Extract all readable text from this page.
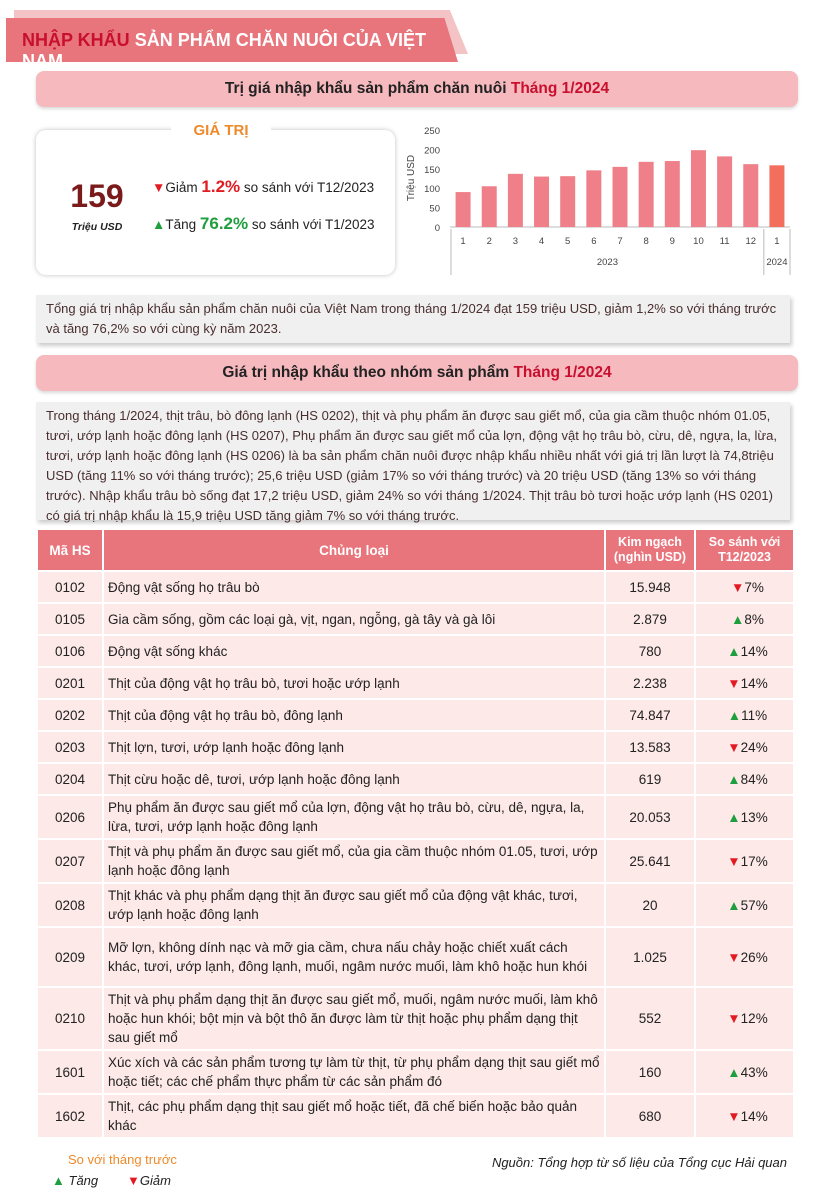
NHẬP KHẨU SẢN PHẨM CHĂN NUÔI CỦA VIỆT NAM
Trị giá nhập khẩu sản phẩm chăn nuôi Tháng 1/2024
GIÁ TRỊ
159
Triệu USD
▼Giảm 1.2% so sánh với T12/2023
▲Tăng 76.2% so sánh với T1/2023	0
50
100
150
200
250
Triệu USD
1 2 3 4 5 6 7 8 9 10 11 12 1
2023	2024
Tổng giá trị nhập khẩu sản phẩm chăn nuôi của Việt Nam trong tháng 1/2024 đạt 159 triệu USD, giảm 1,2% so với tháng trước và tăng 76,2% so với cùng kỳ năm 2023.
Giá trị nhập khẩu theo nhóm sản phẩm Tháng 1/2024
Trong tháng 1/2024, thịt trâu, bò đông lạnh (HS 0202), thịt và phụ phẩm ăn được sau giết mổ, của gia cầm thuộc nhóm 01.05, tươi, ướp lạnh hoặc đông lạnh (HS 0207), Phụ phẩm ăn được sau giết mổ của lợn, động vật họ trâu bò, cừu, dê, ngựa, la, lừa, tươi, ướp lạnh hoặc đông lạnh (HS 0206) là ba sản phẩm chăn nuôi được nhập khẩu nhiều nhất với giá trị lần lượt là 74,8triệu USD (tăng 11% so với tháng trước); 25,6 triệu USD (giảm 17% so với tháng trước) và 20 triệu USD (tăng 13% so với tháng trước). Nhập khẩu trâu bò sống đạt 17,2 triệu USD, giảm 24% so với tháng 1/2024. Thịt trâu bò tươi hoặc ướp lạnh (HS 0201) có giá trị nhập khẩu là 15,9 triệu USD tăng giảm 7% so với tháng trước.
Mã HS	Chủng loại	Kim ngạch (nghìn USD)	So sánh với T12/2023
0102	Động vật sống họ trâu bò	15.948	▼7%
0105	Gia cầm sống, gồm các loại gà, vịt, ngan, ngỗng, gà tây và gà lôi	2.879	▲8%
0106	Động vật sống khác	780	▲14%
0201	Thịt của động vật họ trâu bò, tươi hoặc ướp lạnh	2.238	▼14%
0202	Thịt của động vật họ trâu bò, đông lạnh	74.847	▲11%
0203	Thịt lợn, tươi, ướp lạnh hoặc đông lạnh	13.583	▼24%
0204	Thịt cừu hoặc dê, tươi, ướp lạnh hoặc đông lạnh	619	▲84%
0206	Phụ phẩm ăn được sau giết mổ của lợn, động vật họ trâu bò, cừu, dê, ngựa, la, lừa, tươi, ướp lạnh hoặc đông lạnh	20.053	▲13%
0207	Thịt và phụ phẩm ăn được sau giết mổ, của gia cầm thuộc nhóm 01.05, tươi, ướp lạnh hoặc đông lạnh	25.641	▼17%
0208	Thịt khác và phụ phẩm dạng thịt ăn được sau giết mổ của động vật khác, tươi, ướp lạnh hoặc đông lạnh	20	▲57%
0209	Mỡ lợn, không dính nạc và mỡ gia cầm, chưa nấu chảy hoặc chiết xuất cách khác, tươi, ướp lạnh, đông lạnh, muối, ngâm nước muối, làm khô hoặc hun khói	1.025	▼26%
0210	Thịt và phụ phẩm dạng thịt ăn được sau giết mổ, muối, ngâm nước muối, làm khô hoặc hun khói; bột mịn và bột thô ăn được làm từ thịt hoặc phụ phẩm dạng thịt sau giết mổ	552	▼12%
1601	Xúc xích và các sản phẩm tương tự làm từ thịt, từ phụ phẩm dạng thịt sau giết mổ hoặc tiết; các chế phẩm thực phẩm từ các sản phẩm đó	160	▲43%
1602	Thịt, các phụ phẩm dạng thịt sau giết mổ hoặc tiết, đã chế biến hoặc bảo quản khác	680	▼14%
So với tháng trước
▲ Tăng ▼Giảm
Nguồn: Tổng hợp từ số liệu của Tổng cục Hải quan
